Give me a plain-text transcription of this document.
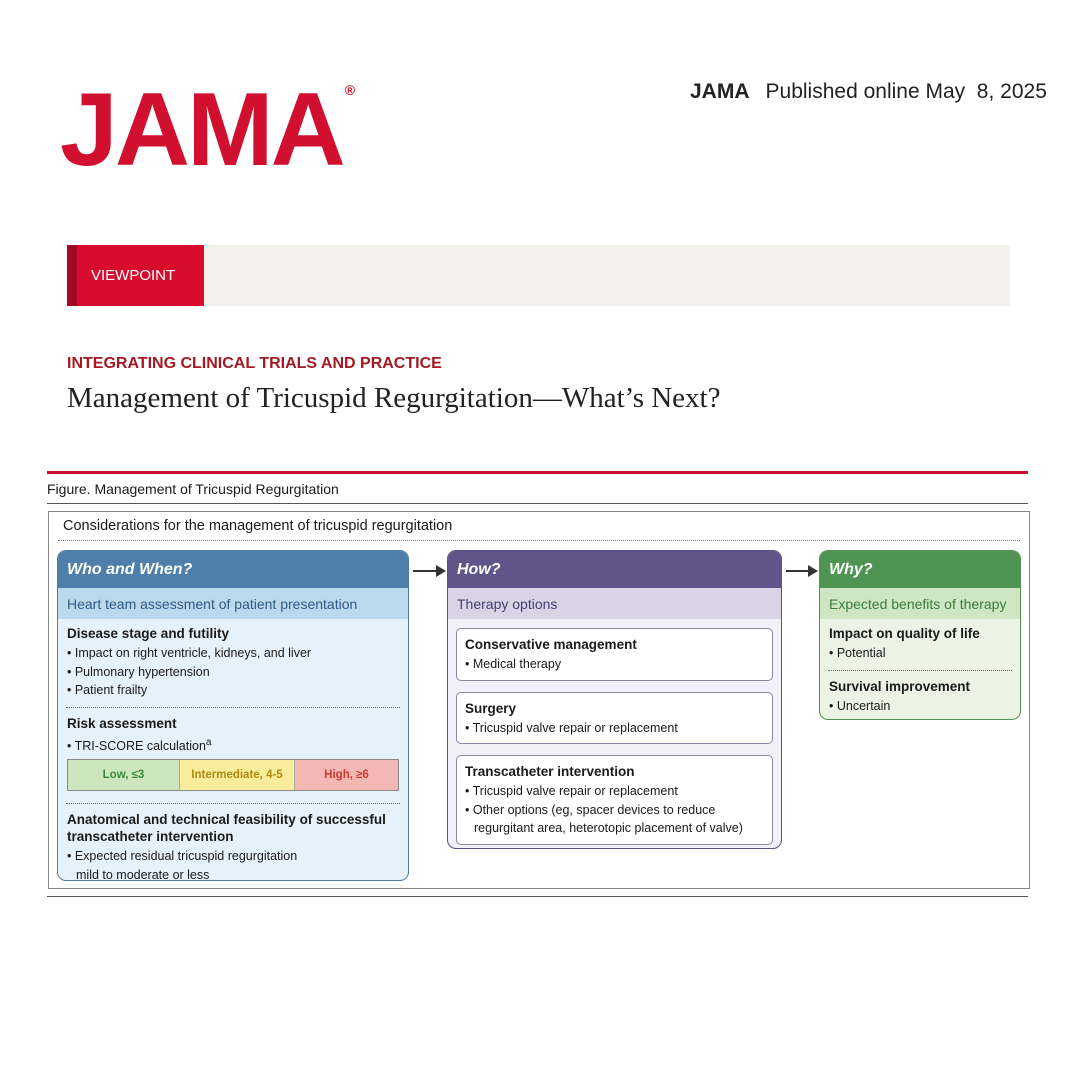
JAMA ®	JAMA Published online May  8, 2025
VIEWPOINT
INTEGRATING CLINICAL TRIALS AND PRACTICE
Management of Tricuspid Regurgitation—What’s Next?
Figure. Management of Tricuspid Regurgitation
Considerations for the management of tricuspid regurgitation
Who and When?
Heart team assessment of patient presentation
Disease stage and futility

• Impact on right ventricle, kidneys, and liver

• Pulmonary hypertension

• Patient frailty

Risk assessment

• TRI-SCORE calculation$^a$

Low, ≤3	Intermediate, 4-5	High, ≥6
Anatomical and technical feasibility of successful
transcatheter intervention

• Expected residual tricuspid regurgitation
mild to moderate or less

How?
Therapy options
Conservative management

• Medical therapy

Surgery

• Tricuspid valve repair or replacement

Transcatheter intervention

• Tricuspid valve repair or replacement

• Other options (eg, spacer devices to reduce
regurgitant area, heterotopic placement of valve)

Why?
Expected benefits of therapy
Impact on quality of life

• Potential

Survival improvement

• Uncertain
